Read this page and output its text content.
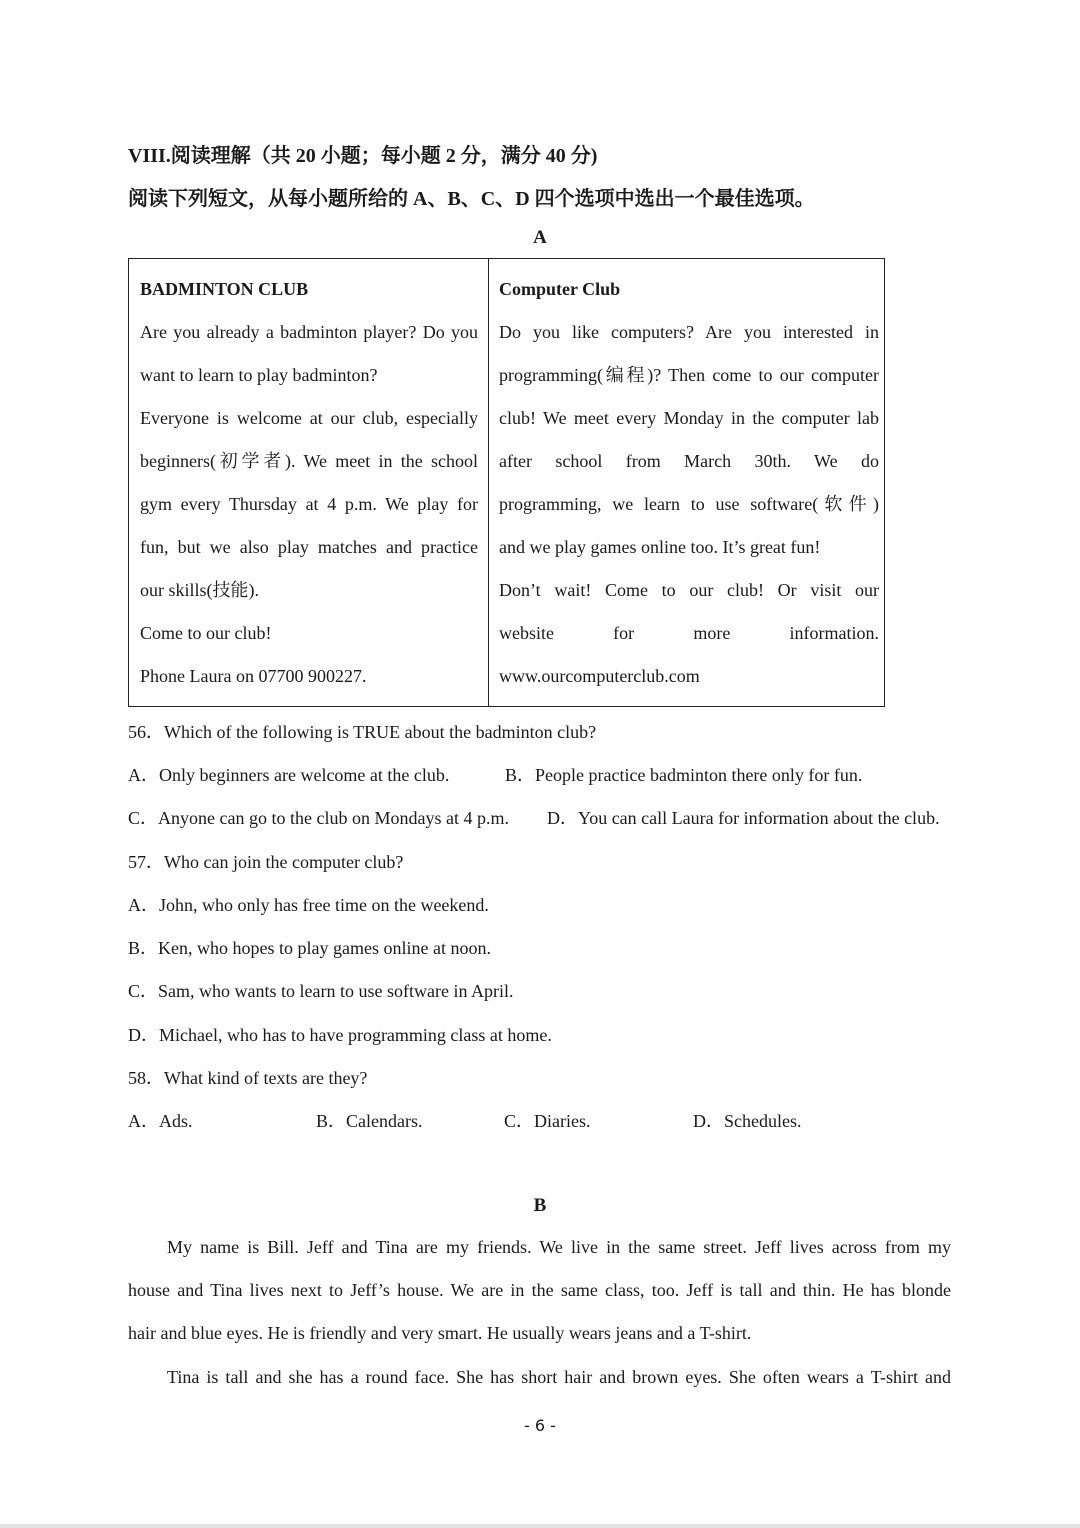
VIII.阅读理解（共 20 小题；每小题 2 分，满分 40 分)
阅读下列短文，从每小题所给的 A、B、C、D 四个选项中选出一个最佳选项。
A
BADMINTON CLUB
Are you already a badminton player? Do you
want to learn to play badminton?
Everyone is welcome at our club, especially
beginners(初学者). We meet in the school
gym every Thursday at 4 p.m. We play for
fun, but we also play matches and practice
our skills(技能).
Come to our club!
Phone Laura on 07700 900227.
Computer Club
Do you like computers? Are you interested in
programming(编程)? Then come to our computer
club! We meet every Monday in the computer lab
after school from March 30th. We do
programming, we learn to use software(软件)
and we play games online too. It’s great fun!
Don’t wait! Come to our club! Or visit our
website for more information.
www.ourcomputerclub.com
56．Which of the following is TRUE about the badminton club?
A．Only beginners are welcome at the club.	B．People practice badminton there only for fun.
C．Anyone can go to the club on Mondays at 4 p.m. D．You can call Laura for information about the club.
57．Who can join the computer club?
A．John, who only has free time on the weekend.
B．Ken, who hopes to play games online at noon.
C．Sam, who wants to learn to use software in April.
D．Michael, who has to have programming class at home.
58．What kind of texts are they?
A．Ads.	B．Calendars.	C．Diaries.	D．Schedules.
B
My name is Bill. Jeff and Tina are my friends. We live in the same street. Jeff lives across from my
house and Tina lives next to Jeff’s house. We are in the same class, too. Jeff is tall and thin. He has blonde
hair and blue eyes. He is friendly and very smart. He usually wears jeans and a T-shirt.
Tina is tall and she has a round face. She has short hair and brown eyes. She often wears a T-shirt and
- 6 -
